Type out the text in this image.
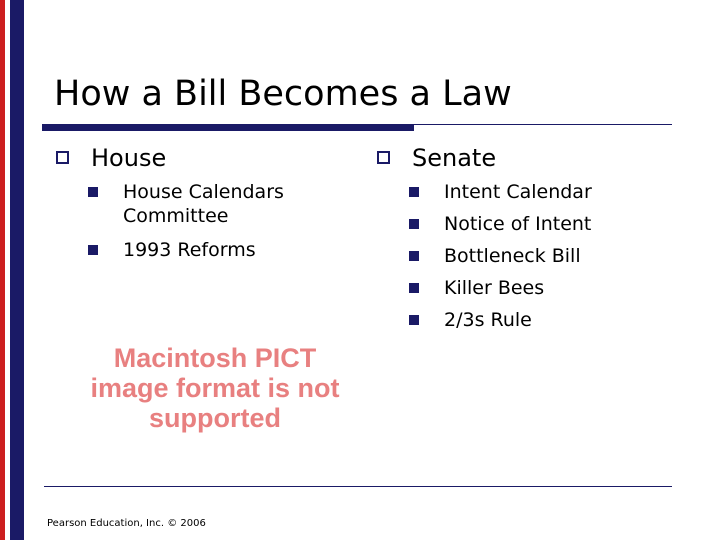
How a Bill Becomes a Law
House
House Calendars Committee
1993 Reforms
Senate
Intent Calendar
Notice of Intent
Bottleneck Bill
Killer Bees
2/3s Rule
Macintosh PICT image format is not supported
Pearson Education, Inc. © 2006
